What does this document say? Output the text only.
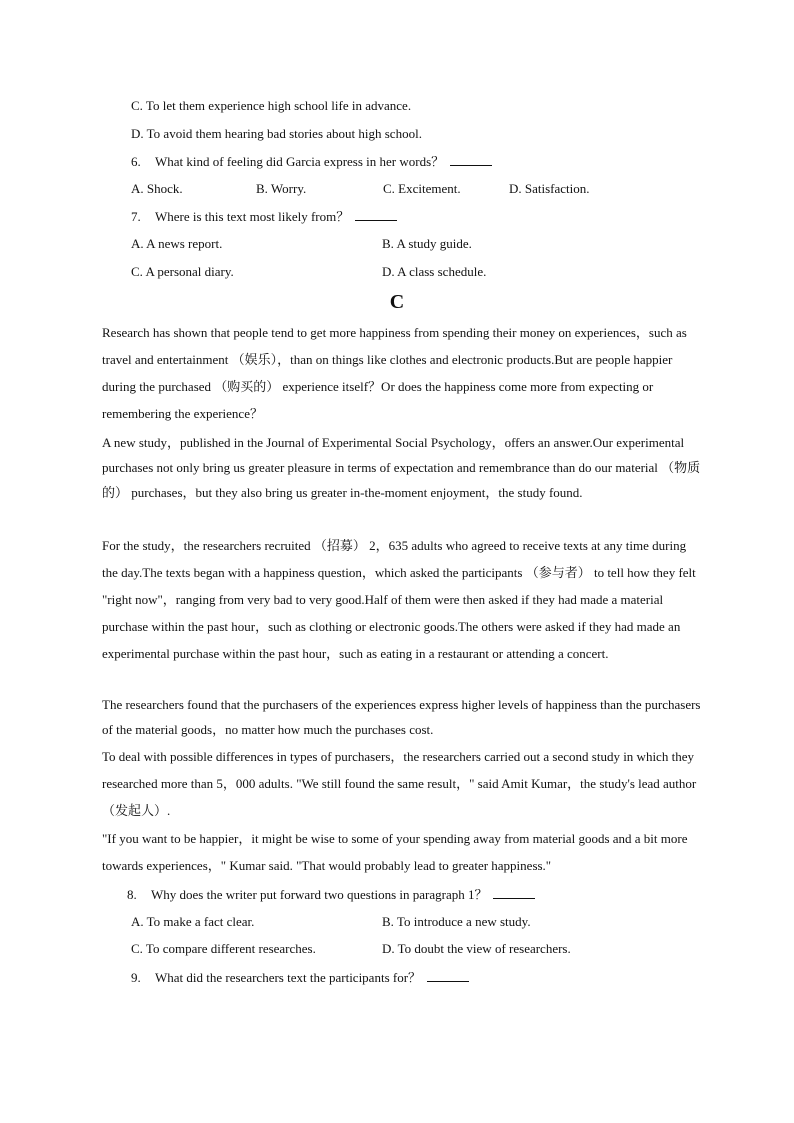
C. To let them experience high school life in advance.
D. To avoid them hearing bad stories about high school.
6. What kind of feeling did Garcia express in her words？
A. Shock.	B. Worry.	C. Excitement.	D. Satisfaction.
7. Where is this text most likely from？
A. A news report.	B. A study guide.
C. A personal diary.	D. A class schedule.
C
Research has shown that people tend to get more happiness from spending their money on experiences，such as travel and entertainment （娱乐），than on things like clothes and electronic products.But are people happier during the purchased （购买的） experience itself？Or does the happiness come more from expecting or remembering the experience？
A new study，published in the Journal of Experimental Social Psychology，offers an answer.Our experimental purchases not only bring us greater pleasure in terms of expectation and remembrance than do our material （物质的） purchases，but they also bring us greater in-the-moment enjoyment，the study found.
For the study，the researchers recruited （招募） 2，635 adults who agreed to receive texts at any time during the day.The texts began with a happiness question，which asked the participants （参与者） to tell how they felt "right now"，ranging from very bad to very good.Half of them were then asked if they had made a material purchase within the past hour，such as clothing or electronic goods.The others were asked if they had made an experimental purchase within the past hour，such as eating in a restaurant or attending a concert.
The researchers found that the purchasers of the experiences express higher levels of happiness than the purchasers of the material goods，no matter how much the purchases cost.
To deal with possible differences in types of purchasers，the researchers carried out a second study in which they researched more than 5，000 adults. "We still found the same result，" said Amit Kumar，the study's lead author （发起人）.
"If you want to be happier，it might be wise to some of your spending away from material goods and a bit more towards experiences，" Kumar said. "That would probably lead to greater happiness."
8. Why does the writer put forward two questions in paragraph 1？
A. To make a fact clear.	B. To introduce a new study.
C. To compare different researches.	D. To doubt the view of researchers.
9. What did the researchers text the participants for？
